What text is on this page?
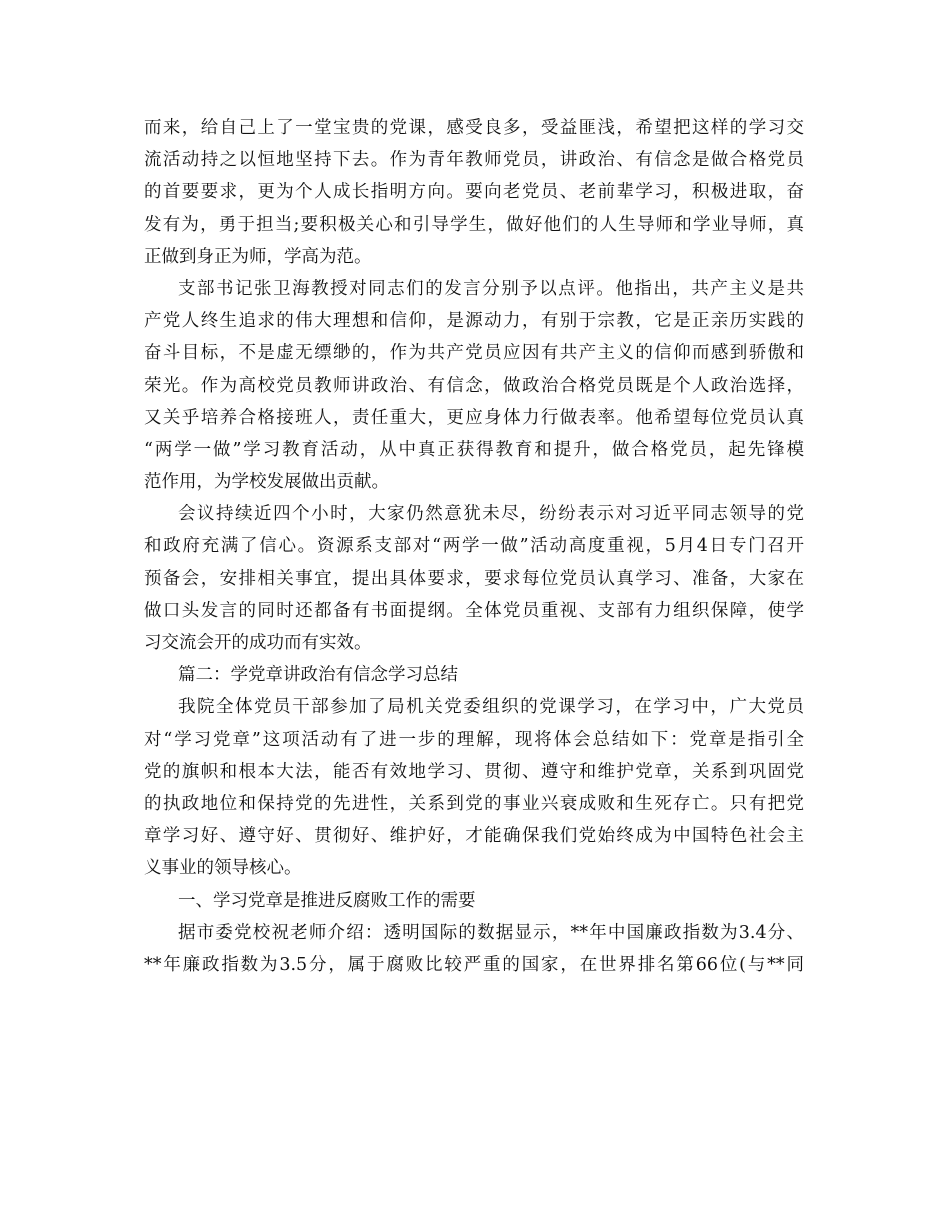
而来，给自己上了一堂宝贵的党课，感受良多，受益匪浅，希望把这样的学习交
流活动持之以恒地坚持下去。作为青年教师党员，讲政治、有信念是做合格党员
的首要要求，更为个人成长指明方向。要向老党员、老前辈学习，积极进取，奋
发有为，勇于担当;要积极关心和引导学生，做好他们的人生导师和学业导师，真
正做到身正为师，学高为范。
支部书记张卫海教授对同志们的发言分别予以点评。他指出，共产主义是共
产党人终生追求的伟大理想和信仰，是源动力，有别于宗教，它是正亲历实践的
奋斗目标，不是虚无缥缈的，作为共产党员应因有共产主义的信仰而感到骄傲和
荣光。作为高校党员教师讲政治、有信念，做政治合格党员既是个人政治选择，
又关乎培养合格接班人，责任重大，更应身体力行做表率。他希望每位党员认真
“两学一做”学习教育活动，从中真正获得教育和提升，做合格党员，起先锋模
范作用，为学校发展做出贡献。
会议持续近四个小时，大家仍然意犹未尽，纷纷表示对习近平同志领导的党
和政府充满了信心。资源系支部对“两学一做”活动高度重视，5月4日专门召开
预备会，安排相关事宜，提出具体要求，要求每位党员认真学习、准备，大家在
做口头发言的同时还都备有书面提纲。全体党员重视、支部有力组织保障，使学
习交流会开的成功而有实效。
篇二：学党章讲政治有信念学习总结
我院全体党员干部参加了局机关党委组织的党课学习，在学习中，广大党员
对“学习党章”这项活动有了进一步的理解，现将体会总结如下：党章是指引全
党的旗帜和根本大法，能否有效地学习、贯彻、遵守和维护党章，关系到巩固党
的执政地位和保持党的先进性，关系到党的事业兴衰成败和生死存亡。只有把党
章学习好、遵守好、贯彻好、维护好，才能确保我们党始终成为中国特色社会主
义事业的领导核心。
一、学习党章是推进反腐败工作的需要
据市委党校祝老师介绍：透明国际的数据显示，**年中国廉政指数为3.4分、
**年廉政指数为3.5分，属于腐败比较严重的国家，在世界排名第66位(与**同
